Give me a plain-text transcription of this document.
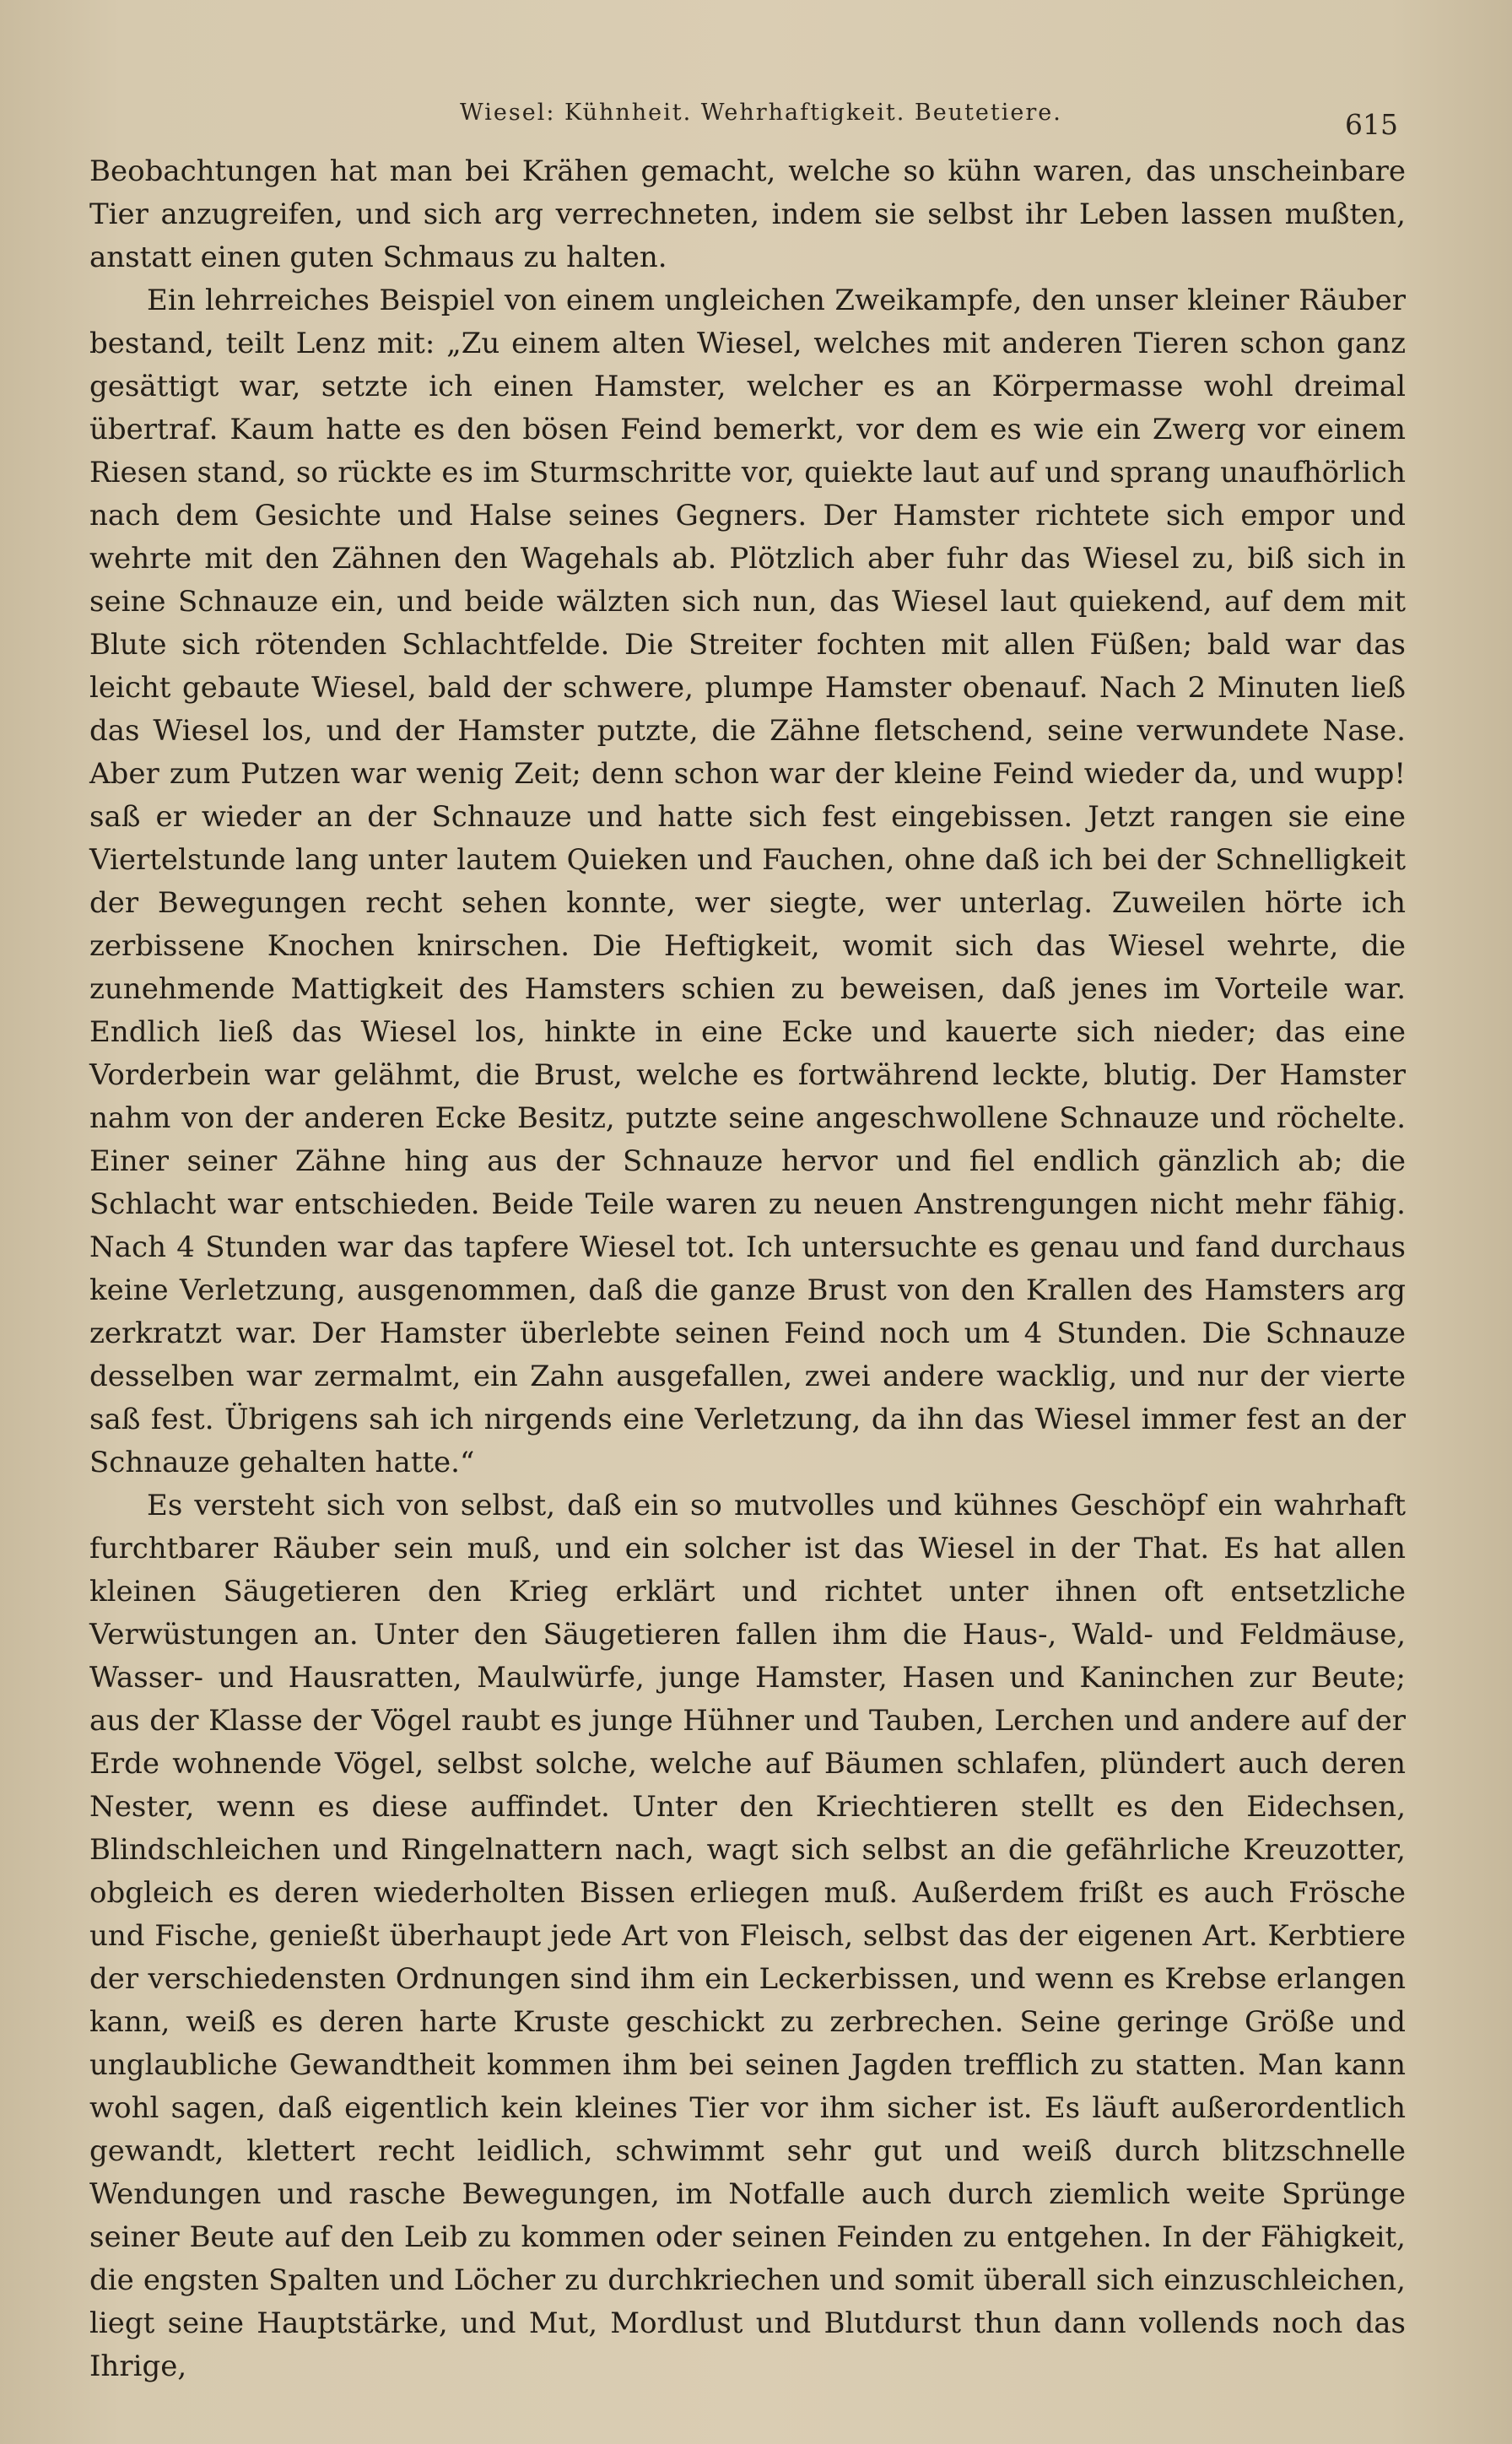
Wiesel: Kühnheit. Wehrhaftigkeit. Beutetiere.	615

Beobachtungen hat man bei Krähen gemacht, welche so kühn waren, das unscheinbare Tier anzugreifen, und sich arg verrechneten, indem sie selbst ihr Leben lassen mußten, anstatt einen guten Schmaus zu halten.

Ein lehrreiches Beispiel von einem ungleichen Zweikampfe, den unser kleiner Räuber bestand, teilt Lenz mit: „Zu einem alten Wiesel, welches mit anderen Tieren schon ganz gesättigt war, setzte ich einen Hamster, welcher es an Körpermasse wohl dreimal übertraf. Kaum hatte es den bösen Feind bemerkt, vor dem es wie ein Zwerg vor einem Riesen stand, so rückte es im Sturmschritte vor, quiekte laut auf und sprang unaufhörlich nach dem Gesichte und Halse seines Gegners. Der Hamster richtete sich empor und wehrte mit den Zähnen den Wagehals ab. Plötzlich aber fuhr das Wiesel zu, biß sich in seine Schnauze ein, und beide wälzten sich nun, das Wiesel laut quiekend, auf dem mit Blute sich rötenden Schlachtfelde. Die Streiter fochten mit allen Füßen; bald war das leicht gebaute Wiesel, bald der schwere, plumpe Hamster obenauf. Nach 2 Minuten ließ das Wiesel los, und der Hamster putzte, die Zähne fletschend, seine verwundete Nase. Aber zum Putzen war wenig Zeit; denn schon war der kleine Feind wieder da, und wupp! saß er wieder an der Schnauze und hatte sich fest eingebissen. Jetzt rangen sie eine Viertelstunde lang unter lautem Quieken und Fauchen, ohne daß ich bei der Schnelligkeit der Bewegungen recht sehen konnte, wer siegte, wer unterlag. Zuweilen hörte ich zerbissene Knochen knirschen. Die Heftigkeit, womit sich das Wiesel wehrte, die zunehmende Mattigkeit des Hamsters schien zu beweisen, daß jenes im Vorteile war. Endlich ließ das Wiesel los, hinkte in eine Ecke und kauerte sich nieder; das eine Vorderbein war gelähmt, die Brust, welche es fortwährend leckte, blutig. Der Hamster nahm von der anderen Ecke Besitz, putzte seine angeschwollene Schnauze und röchelte. Einer seiner Zähne hing aus der Schnauze hervor und fiel endlich gänzlich ab; die Schlacht war entschieden. Beide Teile waren zu neuen Anstrengungen nicht mehr fähig. Nach 4 Stunden war das tapfere Wiesel tot. Ich untersuchte es genau und fand durchaus keine Verletzung, ausgenommen, daß die ganze Brust von den Krallen des Hamsters arg zerkratzt war. Der Hamster überlebte seinen Feind noch um 4 Stunden. Die Schnauze desselben war zermalmt, ein Zahn ausgefallen, zwei andere wacklig, und nur der vierte saß fest. Übrigens sah ich nirgends eine Verletzung, da ihn das Wiesel immer fest an der Schnauze gehalten hatte.“

Es versteht sich von selbst, daß ein so mutvolles und kühnes Geschöpf ein wahrhaft furchtbarer Räuber sein muß, und ein solcher ist das Wiesel in der That. Es hat allen kleinen Säugetieren den Krieg erklärt und richtet unter ihnen oft entsetzliche Verwüstungen an. Unter den Säugetieren fallen ihm die Haus-, Wald- und Feldmäuse, Wasser- und Hausratten, Maulwürfe, junge Hamster, Hasen und Kaninchen zur Beute; aus der Klasse der Vögel raubt es junge Hühner und Tauben, Lerchen und andere auf der Erde wohnende Vögel, selbst solche, welche auf Bäumen schlafen, plündert auch deren Nester, wenn es diese auffindet. Unter den Kriechtieren stellt es den Eidechsen, Blindschleichen und Ringelnattern nach, wagt sich selbst an die gefährliche Kreuzotter, obgleich es deren wiederholten Bissen erliegen muß. Außerdem frißt es auch Frösche und Fische, genießt überhaupt jede Art von Fleisch, selbst das der eigenen Art. Kerbtiere der verschiedensten Ordnungen sind ihm ein Leckerbissen, und wenn es Krebse erlangen kann, weiß es deren harte Kruste geschickt zu zerbrechen. Seine geringe Größe und unglaubliche Gewandtheit kommen ihm bei seinen Jagden trefflich zu statten. Man kann wohl sagen, daß eigentlich kein kleines Tier vor ihm sicher ist. Es läuft außerordentlich gewandt, klettert recht leidlich, schwimmt sehr gut und weiß durch blitzschnelle Wendungen und rasche Bewegungen, im Notfalle auch durch ziemlich weite Sprünge seiner Beute auf den Leib zu kommen oder seinen Feinden zu entgehen. In der Fähigkeit, die engsten Spalten und Löcher zu durchkriechen und somit überall sich einzuschleichen, liegt seine Hauptstärke, und Mut, Mordlust und Blutdurst thun dann vollends noch das Ihrige,
